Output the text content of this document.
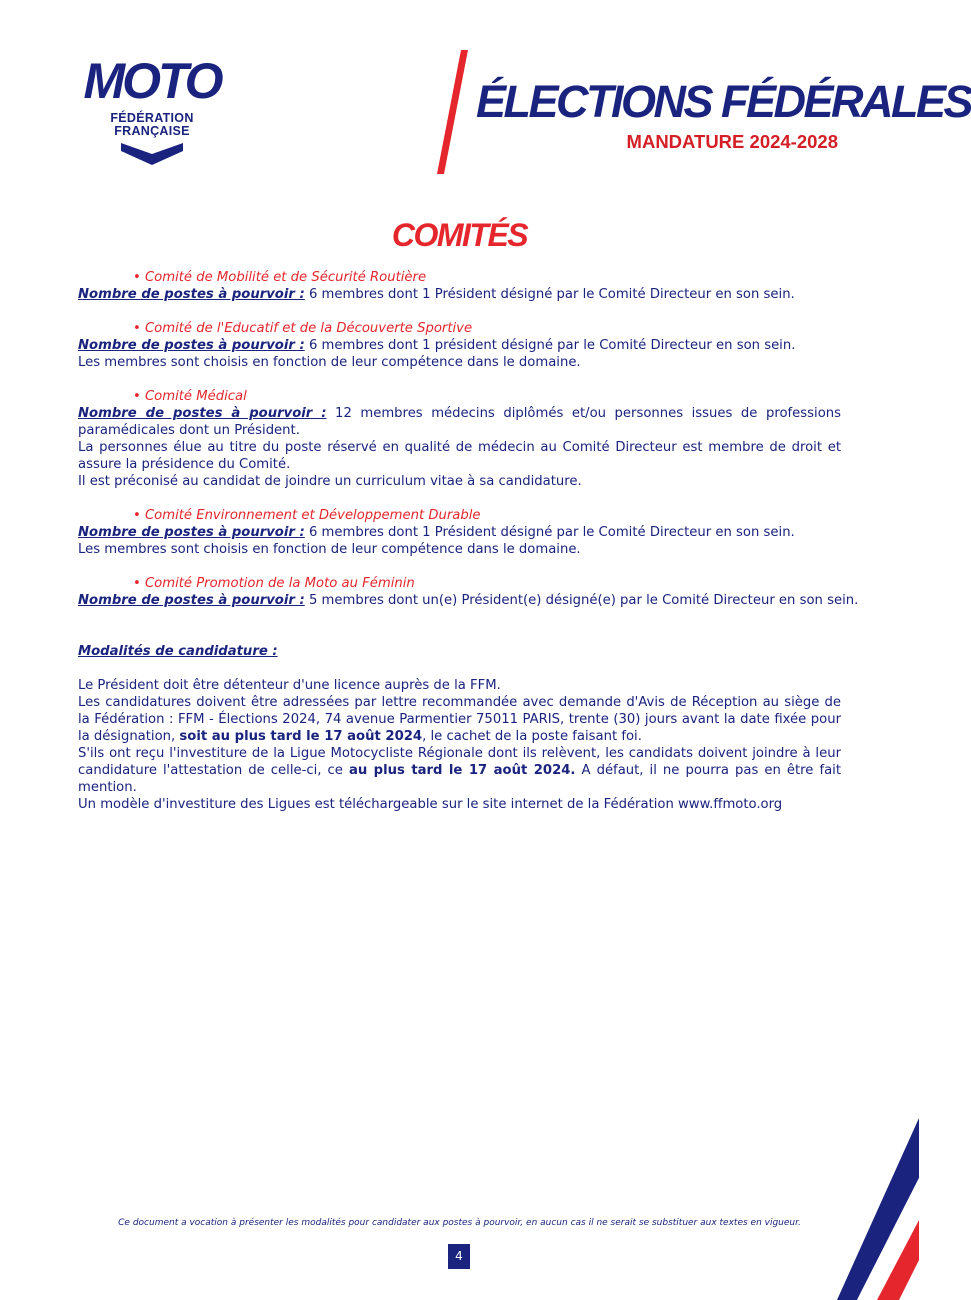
MOTO
FÉDÉRATION
FRANÇAISE
ÉLECTIONS FÉDÉRALES
MANDATURE 2024-2028
COMITÉS
• Comité de Mobilité et de Sécurité Routière
Nombre de postes à pourvoir : 6 membres dont 1 Président désigné par le Comité Directeur en son sein.
• Comité de l'Educatif et de la Découverte Sportive
Nombre de postes à pourvoir : 6 membres dont 1 président désigné par le Comité Directeur en son sein.
Les membres sont choisis en fonction de leur compétence dans le domaine.
• Comité Médical
Nombre de postes à pourvoir : 12 membres médecins diplômés et/ou personnes issues de professions paramédicales dont un Président.
La personnes élue au titre du poste réservé en qualité de médecin au Comité Directeur est membre de droit et assure la présidence du Comité.
Il est préconisé au candidat de joindre un curriculum vitae à sa candidature.
• Comité Environnement et Développement Durable
Nombre de postes à pourvoir : 6 membres dont 1 Président désigné par le Comité Directeur en son sein.
Les membres sont choisis en fonction de leur compétence dans le domaine.
• Comité Promotion de la Moto au Féminin
Nombre de postes à pourvoir : 5 membres dont un(e) Président(e) désigné(e) par le Comité Directeur en son sein.
Modalités de candidature :
Le Président doit être détenteur d'une licence auprès de la FFM.
Les candidatures doivent être adressées par lettre recommandée avec demande d'Avis de Réception au siège de la Fédération : FFM - Élections 2024, 74 avenue Parmentier 75011 PARIS, trente (30) jours avant la date fixée pour la désignation, soit au plus tard le 17 août 2024, le cachet de la poste faisant foi.
S'ils ont reçu l'investiture de la Ligue Motocycliste Régionale dont ils relèvent, les candidats doivent joindre à leur candidature l'attestation de celle-ci, ce au plus tard le 17 août 2024. A défaut, il ne pourra pas en être fait mention.
Un modèle d'investiture des Ligues est téléchargeable sur le site internet de la Fédération www.ffmoto.org
Ce document a vocation à présenter les modalités pour candidater aux postes à pourvoir, en aucun cas il ne serait se substituer aux textes en vigueur.
4
